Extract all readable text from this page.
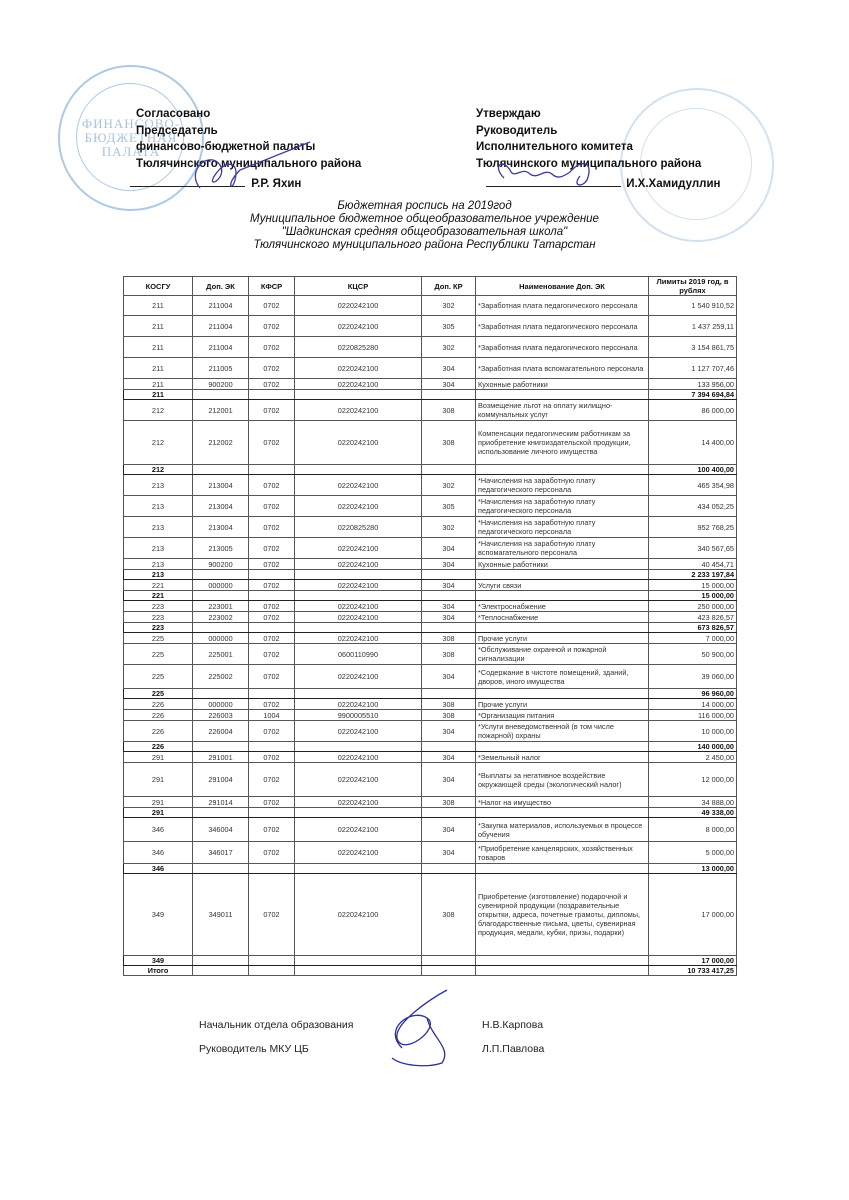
ФИНАНСОВО-
БЮДЖЕТНАЯ
ПАЛАТА
Согласовано
Председатель
финансово-бюджетной палаты
Тюлячинского муниципального района
Р.Р. Яхин
Утверждаю
Руководитель
Исполнительного комитета
Тюлячинского муниципального района
И.Х.Хамидуллин
Бюджетная роспись на 2019год
Муниципальное бюджетное общеобразовательное учреждение
"Шадкинская средняя общеобразовательная школа"
Тюлячинского муниципального района Республики Татарстан
КОСГУ	Доп. ЭК	КФСР	КЦСР	Доп. КР	Наименование Доп. ЭК	Лимиты 2019 год, в рублях
211	211004	0702	0220242100	302	*Заработная плата педагогического персонала	1 540 910,52
211	211004	0702	0220242100	305	*Заработная плата педагогического персонала	1 437 259,11
211	211004	0702	0220825280	302	*Заработная плата педагогического персонала	3 154 861,75
211	211005	0702	0220242100	304	*Заработная плата вспомагательного персонала	1 127 707,46
211	900200	0702	0220242100	304	Кухонные работники	133 956,00
211						7 394 694,84
212	212001	0702	0220242100	308	Возмещение льгот на оплату жилищно-коммунальных услуг	86 000,00
212	212002	0702	0220242100	308	Компенсации педагогическим работникам за приобретение книгоиздательской продукции, использование личного имущества	14 400,00
212						100 400,00
213	213004	0702	0220242100	302	*Начисления на заработную плату педагогического персонала	465 354,98
213	213004	0702	0220242100	305	*Начисления на заработную плату педагогического персонала	434 052,25
213	213004	0702	0220825280	302	*Начисления на заработную плату педагогического персонала	952 768,25
213	213005	0702	0220242100	304	*Начисления на заработную плату вспомагательного персонала	340 567,65
213	900200	0702	0220242100	304	Кухонные работники	40 454,71
213						2 233 197,84
221	000000	0702	0220242100	304	Услуги связи	15 000,00
221						15 000,00
223	223001	0702	0220242100	304	*Электроснабжение	250 000,00
223	223002	0702	0220242100	304	*Теплоснабжение	423 826,57
223						673 826,57
225	000000	0702	0220242100	308	Прочие услуги	7 000,00
225	225001	0702	0600110990	308	*Обслуживание охранной и пожарной сигнализации	50 900,00
225	225002	0702	0220242100	304	*Содержание в чистоте помещений, зданий, дворов, иного имущества	39 060,00
225						96 960,00
226	000000	0702	0220242100	308	Прочие услуги	14 000,00
226	226003	1004	9900005510	308	*Организация питания	116 000,00
226	226004	0702	0220242100	304	*Услуги вневедомственной (в том числе пожарной) охраны	10 000,00
226						140 000,00
291	291001	0702	0220242100	304	*Земельный налог	2 450,00
291	291004	0702	0220242100	304	*Выплаты за негативное воздействие окружающей среды (экологический налог)	12 000,00
291	291014	0702	0220242100	308	*Налог на имущество	34 888,00
291						49 338,00
346	346004	0702	0220242100	304	*Закупка материалов, используемых в процессе обучения	8 000,00
346	346017	0702	0220242100	304	*Приобретение канцелярских, хозяйственных товаров	5 000,00
346						13 000,00
349	349011	0702	0220242100	308	Приобретение (изготовление) подарочной и сувенирной продукции (поздравительные открытки, адреса, почетные грамоты, дипломы, благодарственные письма, цветы, сувенирная продукция, медали, кубки, призы, подарки)	17 000,00
349						17 000,00
Итого						10 733 417,25
Начальник отдела образования	Н.В.Карпова
Руководитель МКУ ЦБ	Л.П.Павлова
